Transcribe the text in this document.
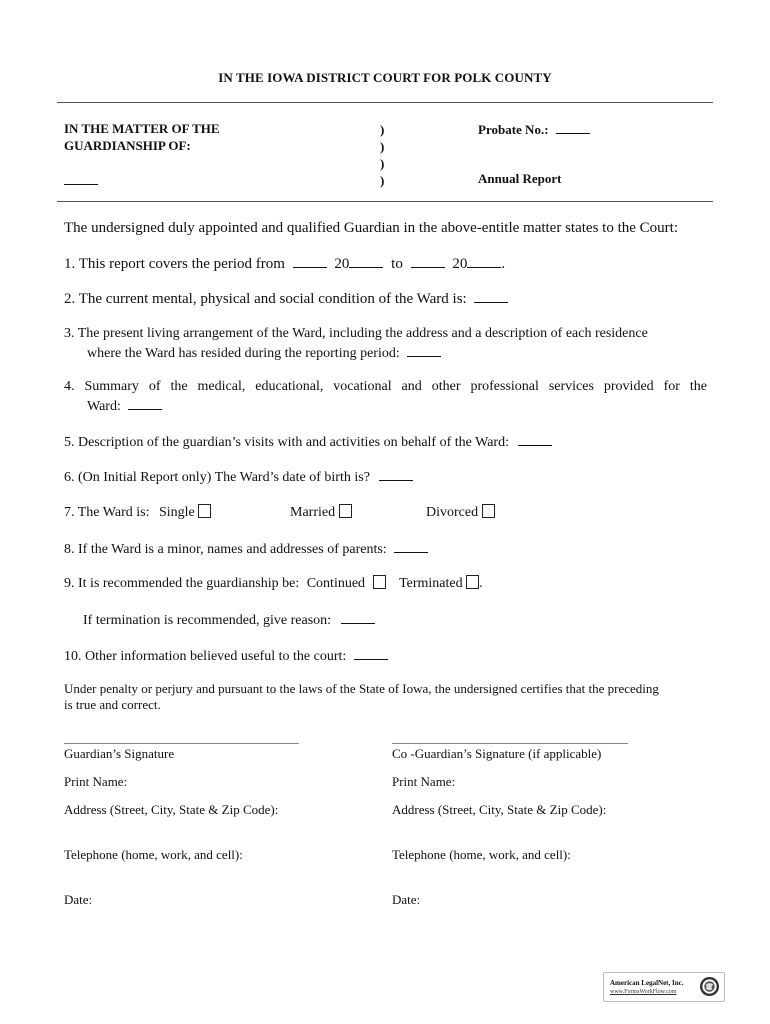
IN THE IOWA DISTRICT COURT FOR POLK COUNTY
IN THE MATTER OF THE
GUARDIANSHIP OF:
)
)
)
)
Probate No.:
Annual Report
The undersigned duly appointed and qualified Guardian in the above-entitle matter states to the Court:
1. This report covers the period from	20	to	20 .
2. The current mental, physical and social condition of the Ward is:
3. The present living arrangement of the Ward, including the address and a description of each residence
where the Ward has resided during the reporting period:
4. Summary of the medical, educational, vocational and other professional services provided for the
Ward:
5. Description of the guardian’s visits with and activities on behalf of the Ward:
6. (On Initial Report only) The Ward’s date of birth is?
7. The Ward is: Single	Married	Divorced
8. If the Ward is a minor, names and addresses of parents:
9. It is recommended the guardianship be: Continued Terminated .
If termination is recommended, give reason:
10. Other information believed useful to the court:
Under penalty or perjury and pursuant to the laws of the State of Iowa, the undersigned certifies that the preceding
is true and correct.
Guardian’s Signature	Co -Guardian’s Signature (if applicable)
Print Name:	Print Name:
Address (Street, City, State & Zip Code):	Address (Street, City, State & Zip Code):
Telephone (home, work, and cell):	Telephone (home, work, and cell):
Date:	Date:
American LegalNet, Inc.
www.FormsWorkFlow.com
